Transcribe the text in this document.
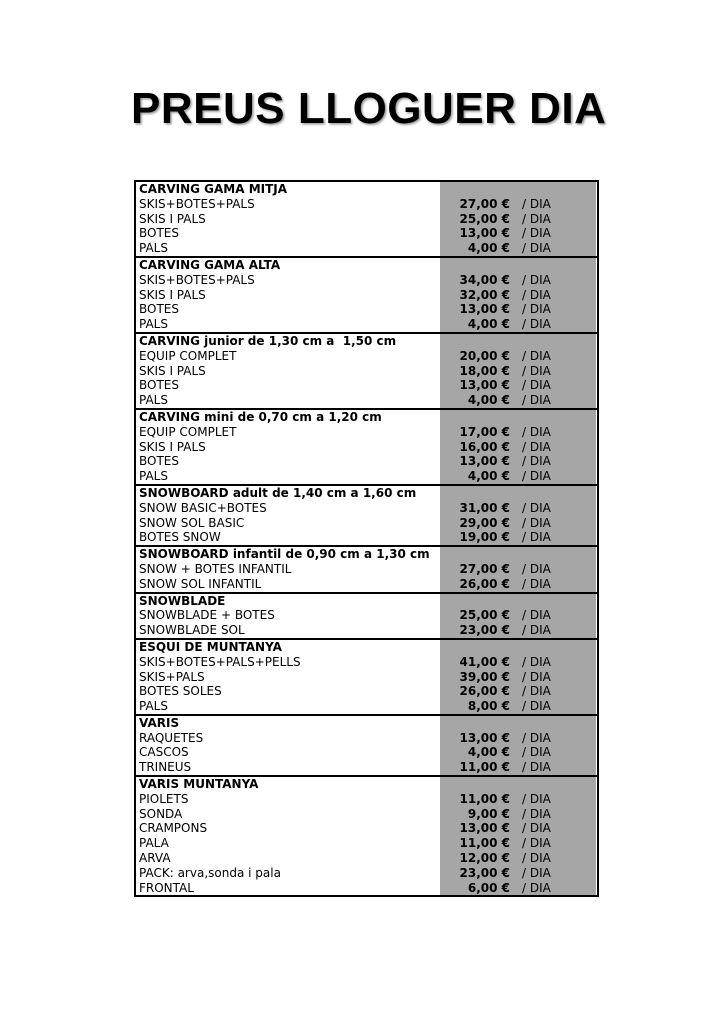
PREUS LLOGUER DIA
CARVING GAMA MITJA
SKIS+BOTES+PALS	27,00 € / DIA
SKIS I PALS	25,00 € / DIA
BOTES	13,00 € / DIA
PALS	4,00 € / DIA
CARVING GAMA ALTA
SKIS+BOTES+PALS	34,00 € / DIA
SKIS I PALS	32,00 € / DIA
BOTES	13,00 € / DIA
PALS	4,00 € / DIA
CARVING junior de 1,30 cm a  1,50 cm
EQUIP COMPLET	20,00 € / DIA
SKIS I PALS	18,00 € / DIA
BOTES	13,00 € / DIA
PALS	4,00 € / DIA
CARVING mini de 0,70 cm a 1,20 cm
EQUIP COMPLET	17,00 € / DIA
SKIS I PALS	16,00 € / DIA
BOTES	13,00 € / DIA
PALS	4,00 € / DIA
SNOWBOARD adult de 1,40 cm a 1,60 cm
SNOW BASIC+BOTES	31,00 € / DIA
SNOW SOL BASIC	29,00 € / DIA
BOTES SNOW	19,00 € / DIA
SNOWBOARD infantil de 0,90 cm a 1,30 cm
SNOW + BOTES INFANTIL	27,00 € / DIA
SNOW SOL INFANTIL	26,00 € / DIA
SNOWBLADE
SNOWBLADE + BOTES	25,00 € / DIA
SNOWBLADE SOL	23,00 € / DIA
ESQUI DE MUNTANYA
SKIS+BOTES+PALS+PELLS	41,00 € / DIA
SKIS+PALS	39,00 € / DIA
BOTES SOLES	26,00 € / DIA
PALS	8,00 € / DIA
VARIS
RAQUETES	13,00 € / DIA
CASCOS	4,00 € / DIA
TRINEUS	11,00 € / DIA
VARIS MUNTANYA
PIOLETS	11,00 € / DIA
SONDA	9,00 € / DIA
CRAMPONS	13,00 € / DIA
PALA	11,00 € / DIA
ARVA	12,00 € / DIA
PACK: arva,sonda i pala	23,00 € / DIA
FRONTAL	6,00 € / DIA
